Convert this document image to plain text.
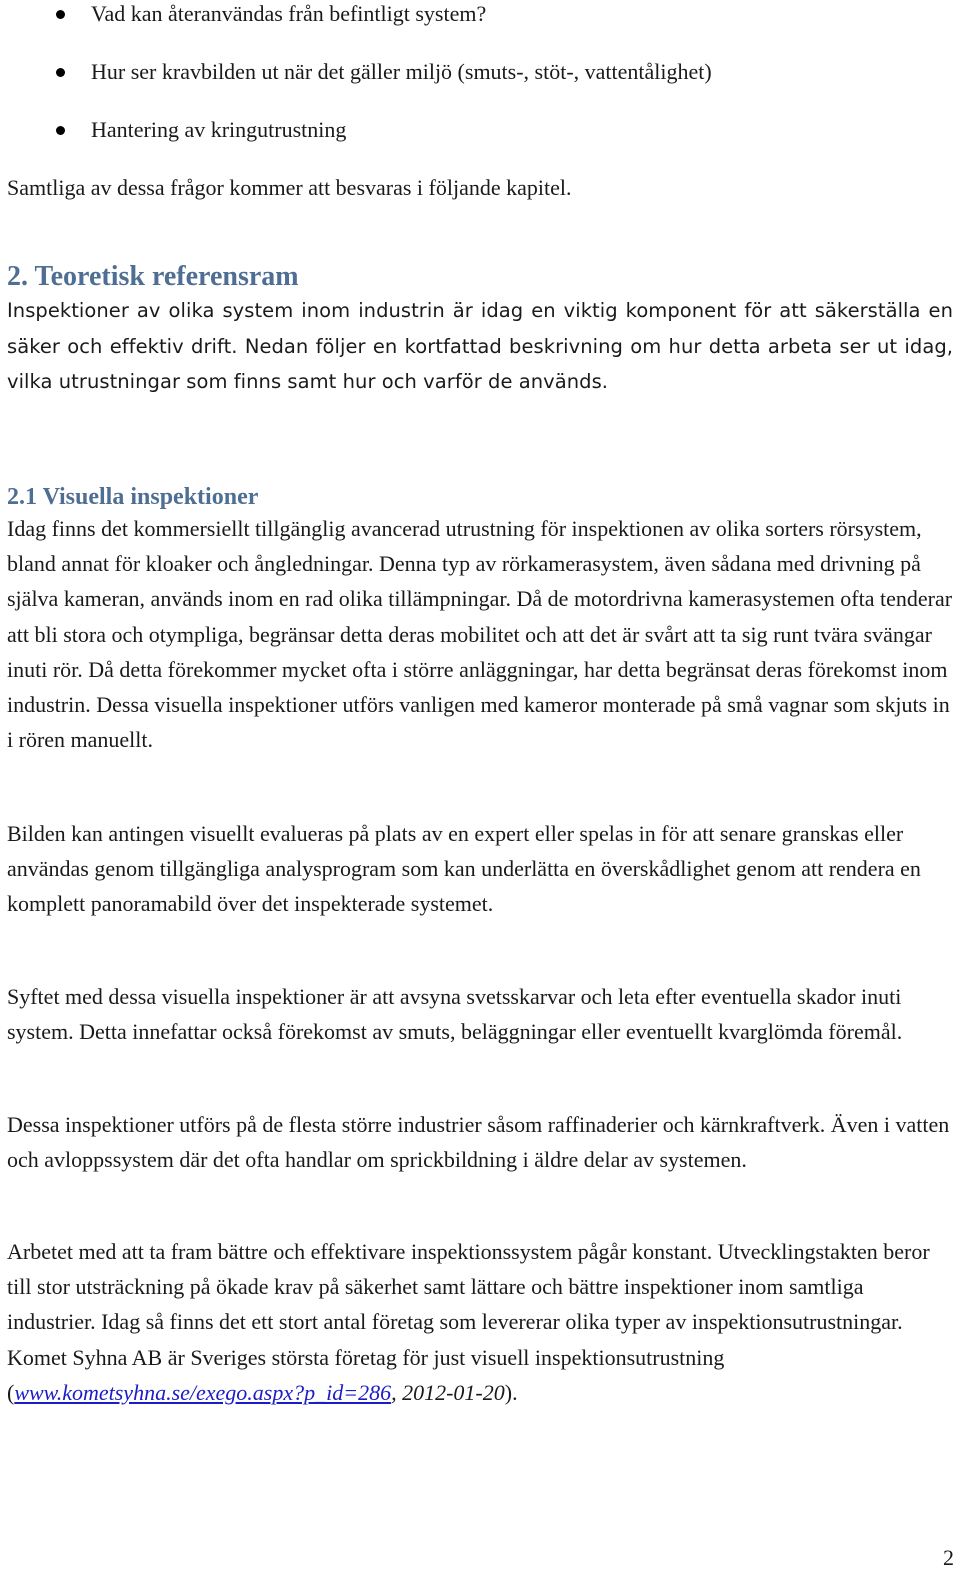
Vad kan återanvändas från befintligt system?
Hur ser kravbilden ut när det gäller miljö (smuts-, stöt-, vattentålighet)
Hantering av kringutrustning

Samtliga av dessa frågor kommer att besvaras i följande kapitel.

2. Teoretisk referensram

Inspektioner av olika system inom industrin är idag en viktig komponent för att säkerställa en säker och effektiv drift. Nedan följer en kortfattad beskrivning om hur detta arbeta ser ut idag, vilka utrustningar som finns samt hur och varför de används.

2.1 Visuella inspektioner

Idag finns det kommersiellt tillgänglig avancerad utrustning för inspektionen av olika sorters rörsystem, bland annat för kloaker och ångledningar. Denna typ av rörkamerasystem, även sådana med drivning på själva kameran, används inom en rad olika tillämpningar. Då de motordrivna kamerasystemen ofta tenderar att bli stora och otympliga, begränsar detta deras mobilitet och att det är svårt att ta sig runt tvära svängar inuti rör. Då detta förekommer mycket ofta i större anläggningar, har detta begränsat deras förekomst inom industrin. Dessa visuella inspektioner utförs vanligen med kameror monterade på små vagnar som skjuts in i rören manuellt.

Bilden kan antingen visuellt evalueras på plats av en expert eller spelas in för att senare granskas eller användas genom tillgängliga analysprogram som kan underlätta en överskådlighet genom att rendera en komplett panoramabild över det inspekterade systemet.

Syftet med dessa visuella inspektioner är att avsyna svetsskarvar och leta efter eventuella skador inuti system. Detta innefattar också förekomst av smuts, beläggningar eller eventuellt kvarglömda föremål.

Dessa inspektioner utförs på de flesta större industrier såsom raffinaderier och kärnkraftverk. Även i vatten och avloppssystem där det ofta handlar om sprickbildning i äldre delar av systemen.

Arbetet med att ta fram bättre och effektivare inspektionssystem pågår konstant. Utvecklingstakten beror till stor utsträckning på ökade krav på säkerhet samt lättare och bättre inspektioner inom samtliga industrier. Idag så finns det ett stort antal företag som levererar olika typer av inspektionsutrustningar. Komet Syhna AB är Sveriges största företag för just visuell inspektionsutrustning (www.kometsyhna.se/exego.aspx?p_id=286, 2012-01-20).

2
